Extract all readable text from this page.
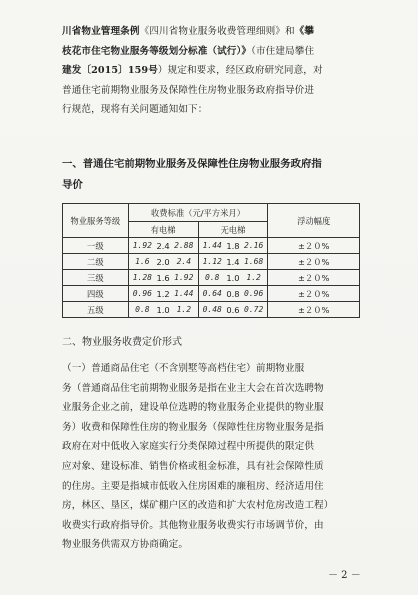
川省物业管理条例《四川省物业服务收费管理细则》和《攀
枝花市住宅物业服务等级划分标准（试行）》（市住建局攀住
建发〔2015〕159号）规定和要求，经区政府研究同意，对
普通住宅前期物业服务及保障性住房物业服务政府指导价进
行规范，现将有关问题通知如下：
一、普通住宅前期物业服务及保障性住房物业服务政府指
导价
物业服务等级	收费标准（元/平方米月）						浮动幅度
	有电梯			无电梯			
一级	1.92	2.4	2.88	1.44	1.8	2.16	±２０%
二级	1.6	2.0	2.4	1.12	1.4	1.68	±２０%
三级	1.28	1.6	1.92	0.8	1.0	1.2	±２０%
四级	0.96	1.2	1.44	0.64	0.8	0.96	±２０%
五级	0.8	1.0	1.2	0.48	0.6	0.72	±２０%
二、物业服务收费定价形式
（一）普通商品住宅（不含别墅等高档住宅）前期物业服
务（普通商品住宅前期物业服务是指在业主大会在首次选聘物
业服务企业之前，建设单位选聘的物业服务企业提供的物业服
务）收费和保障性住房的物业服务（保障性住房物业服务是指
政府在对中低收入家庭实行分类保障过程中所提供的限定供
应对象、建设标准、销售价格或租金标准，具有社会保障性质
的住房。主要是指城市低收入住房困难的廉租房、经济适用住
房，林区、垦区，煤矿棚户区的改造和扩大农村危房改造工程）
收费实行政府指导价。其他物业服务收费实行市场调节价，由
物业服务供需双方协商确定。
－ 2 －
